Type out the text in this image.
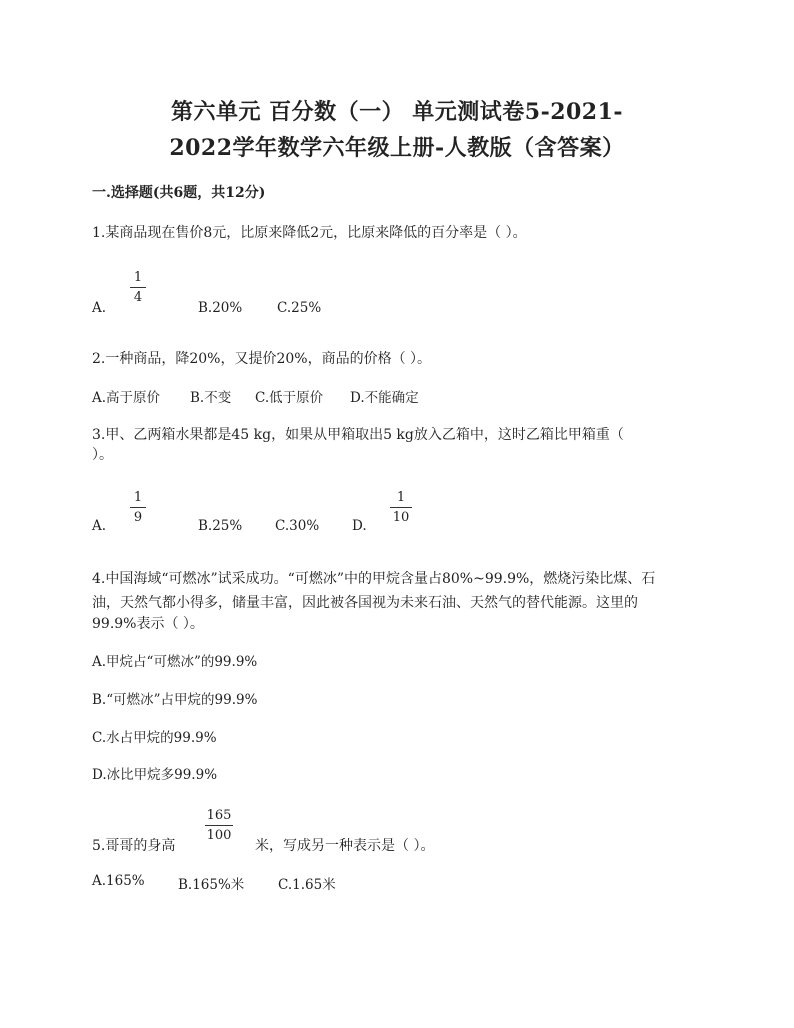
第六单元 百分数（一） 单元测试卷5-2021-
2022学年数学六年级上册-人教版（含答案）
一.选择题(共6题，共12分)
1.某商品现在售价8元，比原来降低2元，比原来降低的百分率是（ ）。
A.
1
4
B.20%	C.25%
2.一种商品，降20%，又提价20%，商品的价格（ ）。
A.高于原价 B.不变 C.低于原价 D.不能确定
3.甲、乙两箱水果都是45 kg，如果从甲箱取出5 kg放入乙箱中，这时乙箱比甲箱重（
）。
A.
1
9
B.25% C.30% D.
1
10
4.中国海域“可燃冰”试采成功。“可燃冰”中的甲烷含量占80%~99.9%，燃烧污染比煤、石
油，天然气都小得多，储量丰富，因此被各国视为未来石油、天然气的替代能源。这里的
99.9%表示（ ）。
A.甲烷占“可燃冰”的99.9%
B.“可燃冰”占甲烷的99.9%
C.水占甲烷的99.9%
D.冰比甲烷多99.9%
5.哥哥的身高
165
100
米，写成另一种表示是（ ）。
A.165% B.165%米 C.1.65米
